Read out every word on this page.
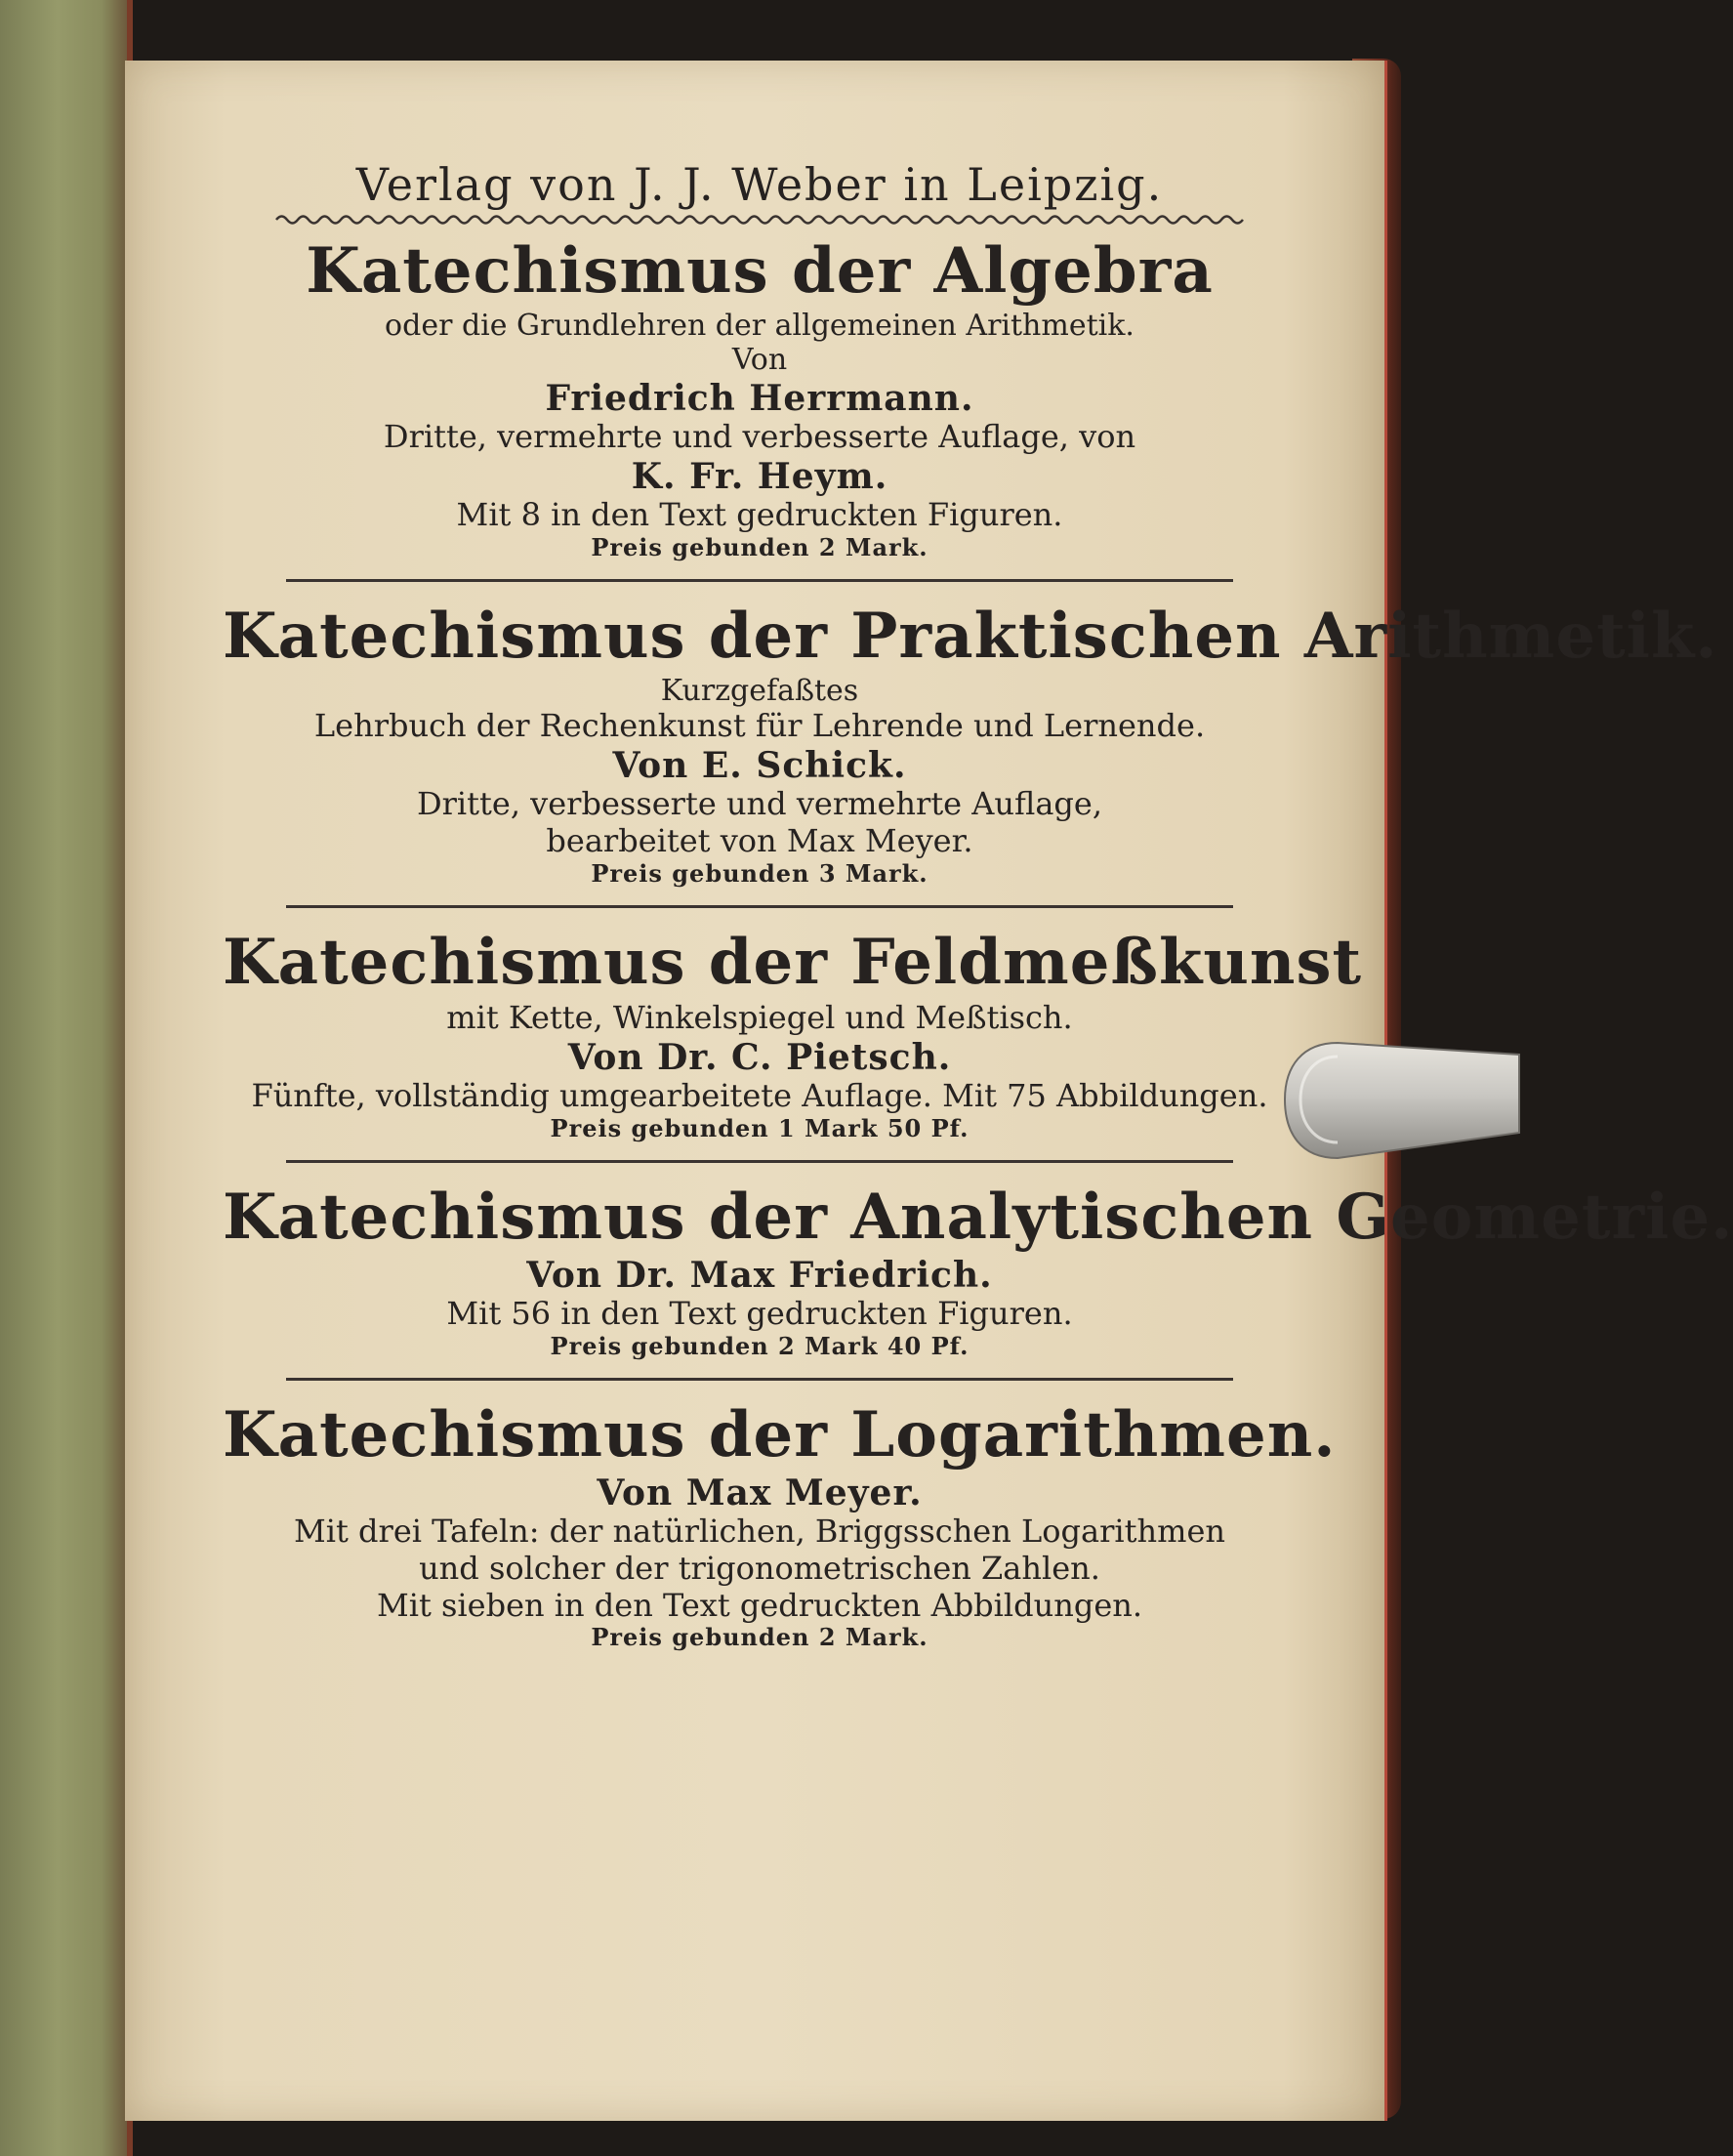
Verlag von J. J. Weber in Leipzig.
Katechismus der Algebra
oder die Grundlehren der allgemeinen Arithmetik.
Von
Friedrich Herrmann.
Dritte, vermehrte und verbesserte Auflage, von
K. Fr. Heym.
Mit 8 in den Text gedruckten Figuren.
Preis gebunden 2 Mark.
Katechismus der Praktischen Arithmetik.
Kurzgefaßtes
Lehrbuch der Rechenkunst für Lehrende und Lernende.
Von E. Schick.
Dritte, verbesserte und vermehrte Auflage,
bearbeitet von Max Meyer.
Preis gebunden 3 Mark.
Katechismus der Feldmeßkunst
mit Kette, Winkelspiegel und Meßtisch.
Von Dr. C. Pietsch.
Fünfte, vollständig umgearbeitete Auflage. Mit 75 Abbildungen.
Preis gebunden 1 Mark 50 Pf.
Katechismus der Analytischen Geometrie.
Von Dr. Max Friedrich.
Mit 56 in den Text gedruckten Figuren.
Preis gebunden 2 Mark 40 Pf.
Katechismus der Logarithmen.
Von Max Meyer.
Mit drei Tafeln: der natürlichen, Briggsschen Logarithmen
und solcher der trigonometrischen Zahlen.
Mit sieben in den Text gedruckten Abbildungen.
Preis gebunden 2 Mark.
